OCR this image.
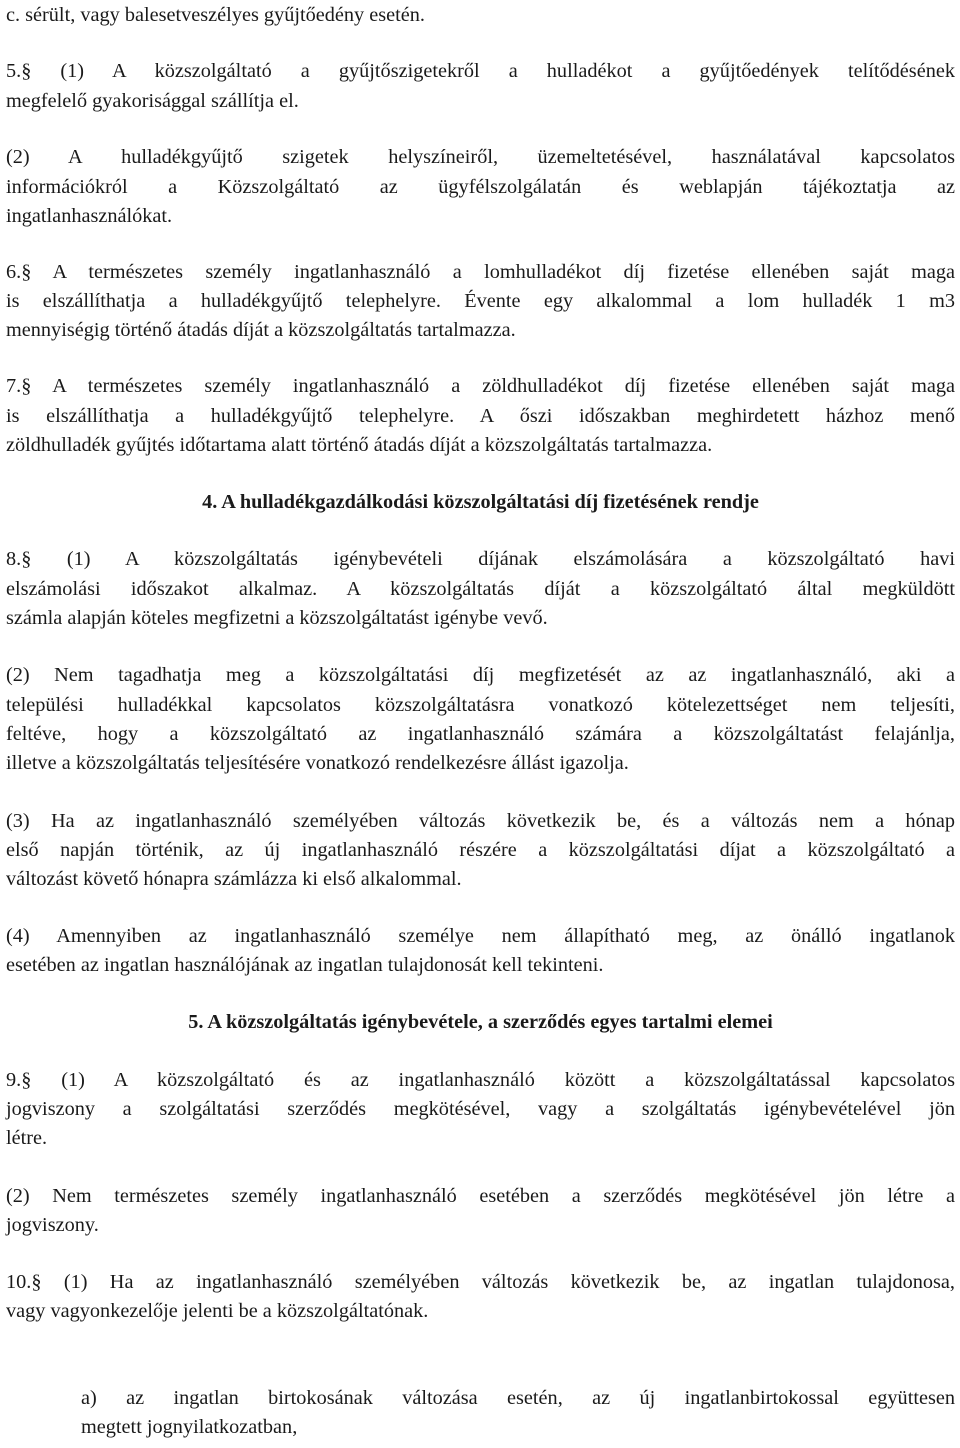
c. sérült, vagy balesetveszélyes gyűjtőedény esetén.
5.§ (1) A közszolgáltató a gyűjtőszigetekről a hulladékot a gyűjtőedények telítődésének
megfelelő gyakorisággal szállítja el.
(2) A hulladékgyűjtő szigetek helyszíneiről, üzemeltetésével, használatával kapcsolatos
információkról a Közszolgáltató az ügyfélszolgálatán és weblapján tájékoztatja az
ingatlanhasználókat.
6.§ A természetes személy ingatlanhasználó a lomhulladékot díj fizetése ellenében saját maga
is elszállíthatja a hulladékgyűjtő telephelyre. Évente egy alkalommal a lom hulladék 1 m3
mennyiségig történő átadás díját a közszolgáltatás tartalmazza.
7.§ A természetes személy ingatlanhasználó a zöldhulladékot díj fizetése ellenében saját maga
is elszállíthatja a hulladékgyűjtő telephelyre. A őszi időszakban meghirdetett házhoz menő
zöldhulladék gyűjtés időtartama alatt történő átadás díját a közszolgáltatás tartalmazza.
4. A hulladékgazdálkodási közszolgáltatási díj fizetésének rendje
8.§ (1) A közszolgáltatás igénybevételi díjának elszámolására a közszolgáltató havi
elszámolási időszakot alkalmaz. A közszolgáltatás díját a közszolgáltató által megküldött
számla alapján köteles megfizetni a közszolgáltatást igénybe vevő.
(2) Nem tagadhatja meg a közszolgáltatási díj megfizetését az az ingatlanhasználó, aki a
települési hulladékkal kapcsolatos közszolgáltatásra vonatkozó kötelezettséget nem teljesíti,
feltéve, hogy a közszolgáltató az ingatlanhasználó számára a közszolgáltatást felajánlja,
illetve a közszolgáltatás teljesítésére vonatkozó rendelkezésre állást igazolja.
(3) Ha az ingatlanhasználó személyében változás következik be, és a változás nem a hónap
első napján történik, az új ingatlanhasználó részére a közszolgáltatási díjat a közszolgáltató a
változást követő hónapra számlázza ki első alkalommal.
(4) Amennyiben az ingatlanhasználó személye nem állapítható meg, az önálló ingatlanok
esetében az ingatlan használójának az ingatlan tulajdonosát kell tekinteni.
5. A közszolgáltatás igénybevétele, a szerződés egyes tartalmi elemei
9.§ (1) A közszolgáltató és az ingatlanhasználó között a közszolgáltatással kapcsolatos
jogviszony a szolgáltatási szerződés megkötésével, vagy a szolgáltatás igénybevételével jön
létre.
(2) Nem természetes személy ingatlanhasználó esetében a szerződés megkötésével jön létre a
jogviszony.
10.§ (1) Ha az ingatlanhasználó személyében változás következik be, az ingatlan tulajdonosa,
vagy vagyonkezelője jelenti be a közszolgáltatónak.
a) az ingatlan birtokosának változása esetén, az új ingatlanbirtokossal együttesen
megtett jognyilatkozatban,
